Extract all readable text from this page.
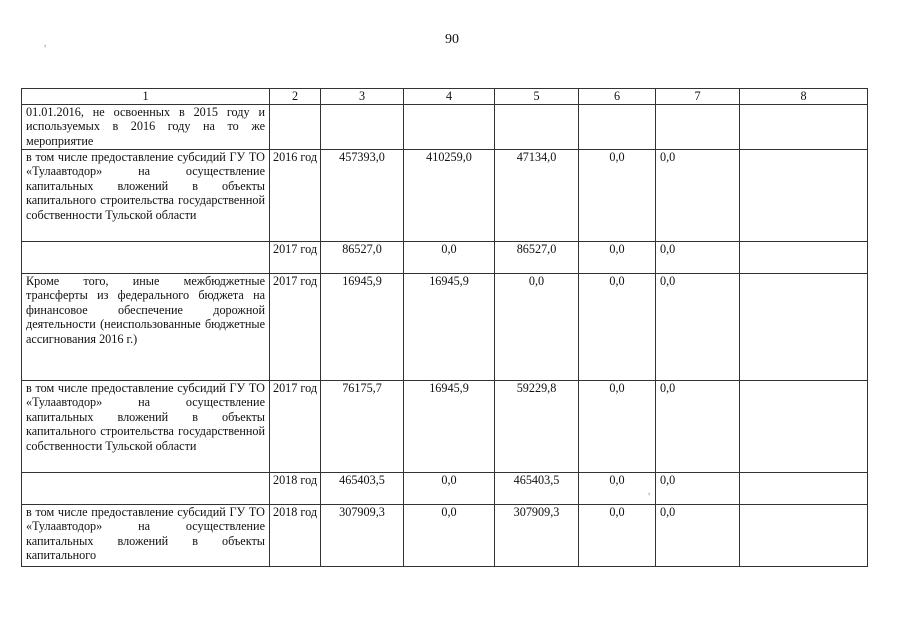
90
,
,
1	2	3	4	5	6	7	8
01.01.2016, не освоенных в 2015 году и используемых в 2016 году на то же мероприятие							
в том числе предоставление субсидий ГУ ТО «Тулаавтодор» на осуществление капитальных вложений в объекты капитального строительства государственной собственности Тульской области	2016 год	457393,0	410259,0	47134,0	0,0	0,0	
	2017 год	86527,0	0,0	86527,0	0,0	0,0	
Кроме того, иные межбюджетные трансферты из федерального бюджета на финансовое обеспечение дорожной деятельности (неиспользованные бюджетные ассигнования 2016 г.)	2017 год	16945,9	16945,9	0,0	0,0	0,0	
в том числе предоставление субсидий ГУ ТО «Тулаавтодор» на осуществление капитальных вложений в объекты капитального строительства государственной собственности Тульской области	2017 год	76175,7	16945,9	59229,8	0,0	0,0	
	2018 год	465403,5	0,0	465403,5	0,0	0,0	
в том числе предоставление субсидий ГУ ТО «Тулаавтодор» на осуществление капитальных вложений в объекты капитального	2018 год	307909,3	0,0	307909,3	0,0	0,0	
